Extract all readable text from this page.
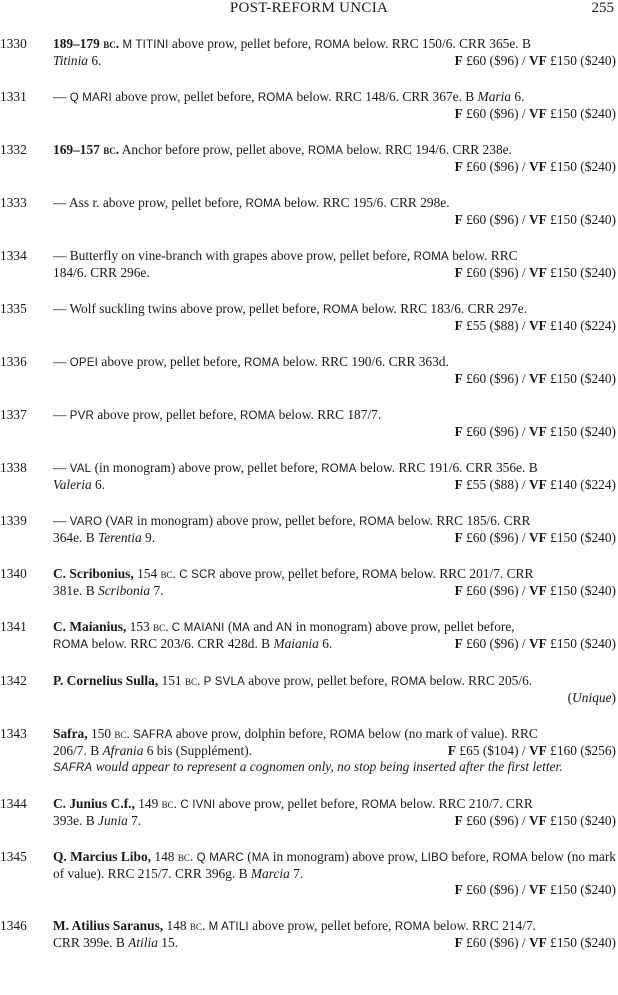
POST-REFORM UNCIA	255
1330	189–179 bc. M TITINI above prow, pellet before, ROMA below. RRC 150/6. CRR 365e. B
Titinia 6.	F £60 ($96) / VF £150 ($240)
1331	— Q MARI above prow, pellet before, ROMA below. RRC 148/6. CRR 367e. B Maria 6.
F £60 ($96) / VF £150 ($240)
1332	169–157 bc. Anchor before prow, pellet above, ROMA below. RRC 194/6. CRR 238e.
F £60 ($96) / VF £150 ($240)
1333	— Ass r. above prow, pellet before, ROMA below. RRC 195/6. CRR 298e.
F £60 ($96) / VF £150 ($240)
1334	— Butterfly on vine-branch with grapes above prow, pellet before, ROMA below. RRC
184/6. CRR 296e.	F £60 ($96) / VF £150 ($240)
1335	— Wolf suckling twins above prow, pellet before, ROMA below. RRC 183/6. CRR 297e.
F £55 ($88) / VF £140 ($224)
1336	— OPEI above prow, pellet before, ROMA below. RRC 190/6. CRR 363d.
F £60 ($96) / VF £150 ($240)
1337	— PVR above prow, pellet before, ROMA below. RRC 187/7.
F £60 ($96) / VF £150 ($240)
1338	— VAL (in monogram) above prow, pellet before, ROMA below. RRC 191/6. CRR 356e. B
Valeria 6.	F £55 ($88) / VF £140 ($224)
1339	— VARO (VAR in monogram) above prow, pellet before, ROMA below. RRC 185/6. CRR
364e. B Terentia 9.	F £60 ($96) / VF £150 ($240)
1340	C. Scribonius, 154 bc. C SCR above prow, pellet before, ROMA below. RRC 201/7. CRR
381e. B Scribonia 7.	F £60 ($96) / VF £150 ($240)
1341	C. Maianius, 153 bc. C MAIANI (MA and AN in monogram) above prow, pellet before,
ROMA below. RRC 203/6. CRR 428d. B Maiania 6.	F £60 ($96) / VF £150 ($240)
1342	P. Cornelius Sulla, 151 bc. P SVLA above prow, pellet before, ROMA below. RRC 205/6.
(Unique)
1343	Safra, 150 bc. SAFRA above prow, dolphin before, ROMA below (no mark of value). RRC
206/7. B Afrania 6 bis (Supplément).	F £65 ($104) / VF £160 ($256)
SAFRA would appear to represent a cognomen only, no stop being inserted after the first letter.
1344	C. Junius C.f., 149 bc. C IVNI above prow, pellet before, ROMA below. RRC 210/7. CRR
393e. B Junia 7.	F £60 ($96) / VF £150 ($240)
1345	Q. Marcius Libo, 148 bc. Q MARC (MA in monogram) above prow, LIBO before, ROMA below (no mark of value). RRC 215/7. CRR 396g. B Marcia 7.
F £60 ($96) / VF £150 ($240)
1346	M. Atilius Saranus, 148 bc. M ATILI above prow, pellet before, ROMA below. RRC 214/7.
CRR 399e. B Atilia 15.	F £60 ($96) / VF £150 ($240)
